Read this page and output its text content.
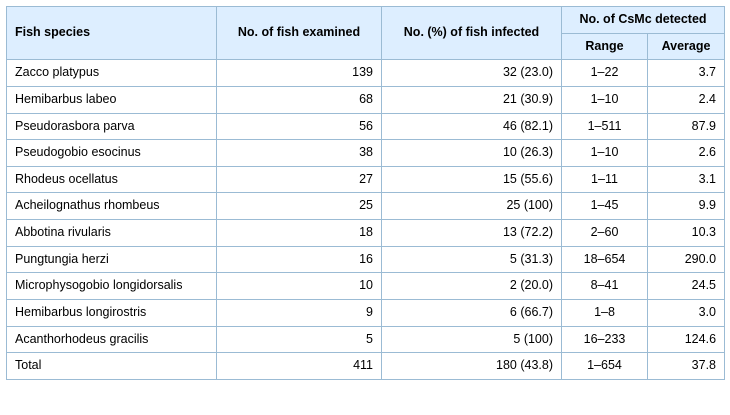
Fish species	No. of fish examined	No. (%) of fish infected	No. of CsMc detected	
			Range	Average
Zacco platypus	139	32 (23.0)	1–22	3.7
Hemibarbus labeo	68	21 (30.9)	1–10	2.4
Pseudorasbora parva	56	46 (82.1)	1–511	87.9
Pseudogobio esocinus	38	10 (26.3)	1–10	2.6
Rhodeus ocellatus	27	15 (55.6)	1–11	3.1
Acheilognathus rhombeus	25	25 (100)	1–45	9.9
Abbotina rivularis	18	13 (72.2)	2–60	10.3
Pungtungia herzi	16	5 (31.3)	18–654	290.0
Microphysogobio longidorsalis	10	2 (20.0)	8–41	24.5
Hemibarbus longirostris	9	6 (66.7)	1–8	3.0
Acanthorhodeus gracilis	5	5 (100)	16–233	124.6
Total	411	180 (43.8)	1–654	37.8
